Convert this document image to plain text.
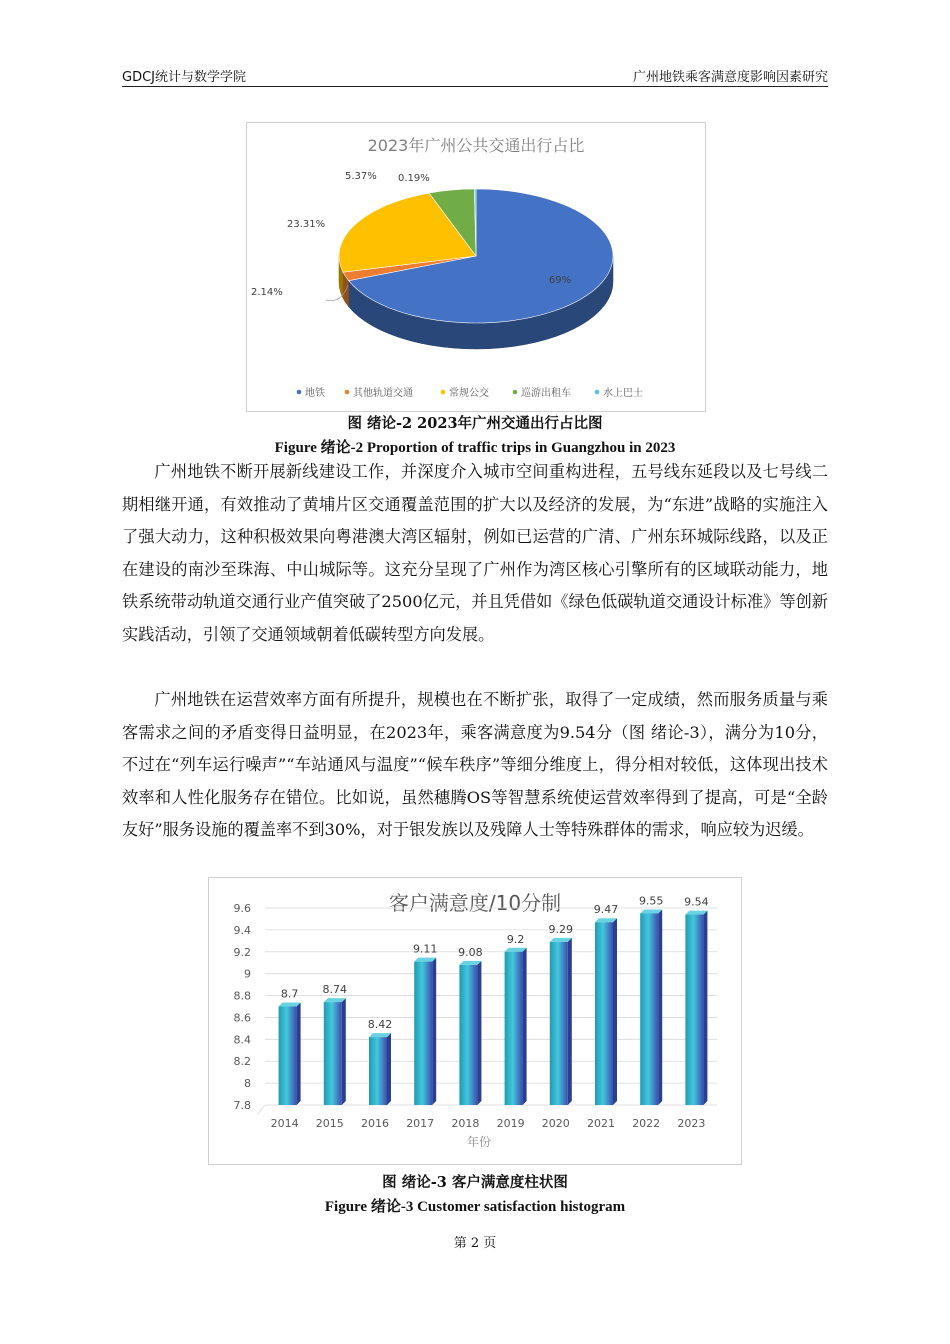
GDCJ统计与数学学院	广州地铁乘客满意度影响因素研究
2023年广州公共交通出行占比
69%
2.14%
23.31%
5.37% 0.19%
地铁	其他轨道交通	常规公交	巡游出租车	水上巴士
图 绪论-2 2023年广州交通出行占比图
Figure 绪论-2 Proportion of traffic trips in Guangzhou in 2023

广州地铁不断开展新线建设工作，并深度介入城市空间重构进程，五号线东延段以及七号线二期相继开通，有效推动了黄埔片区交通覆盖范围的扩大以及经济的发展，为“东进”战略的实施注入了强大动力，这种积极效果向粤港澳大湾区辐射，例如已运营的广清、广州东环城际线路，以及正在建设的南沙至珠海、中山城际等。这充分呈现了广州作为湾区核心引擎所有的区域联动能力，地铁系统带动轨道交通行业产值突破了2500亿元，并且凭借如《绿色低碳轨道交通设计标准》等创新实践活动，引领了交通领域朝着低碳转型方向发展。

广州地铁在运营效率方面有所提升，规模也在不断扩张，取得了一定成绩，然而服务质量与乘客需求之间的矛盾变得日益明显，在2023年，乘客满意度为9.54分（图 绪论-3），满分为10分，不过在“列车运行噪声”“车站通风与温度”“候车秩序”等细分维度上，得分相对较低，这体现出技术效率和人性化服务存在错位。比如说，虽然穗腾OS等智慧系统使运营效率得到了提高，可是“全龄友好”服务设施的覆盖率不到30%，对于银发族以及残障人士等特殊群体的需求，响应较为迟缓。

客户满意度/10分制
7.8
8
8.2
8.4
8.6
8.8
9
9.2
9.4
9.6
8.7 8.74
8.42
9.11 9.08
9.2
9.29
9.47
9.55 9.54
2014 2015 2016 2017 2018 2019 2020 2021 2022 2023
年份
图 绪论-3 客户满意度柱状图
Figure 绪论-3 Customer satisfaction histogram
第 2 页
